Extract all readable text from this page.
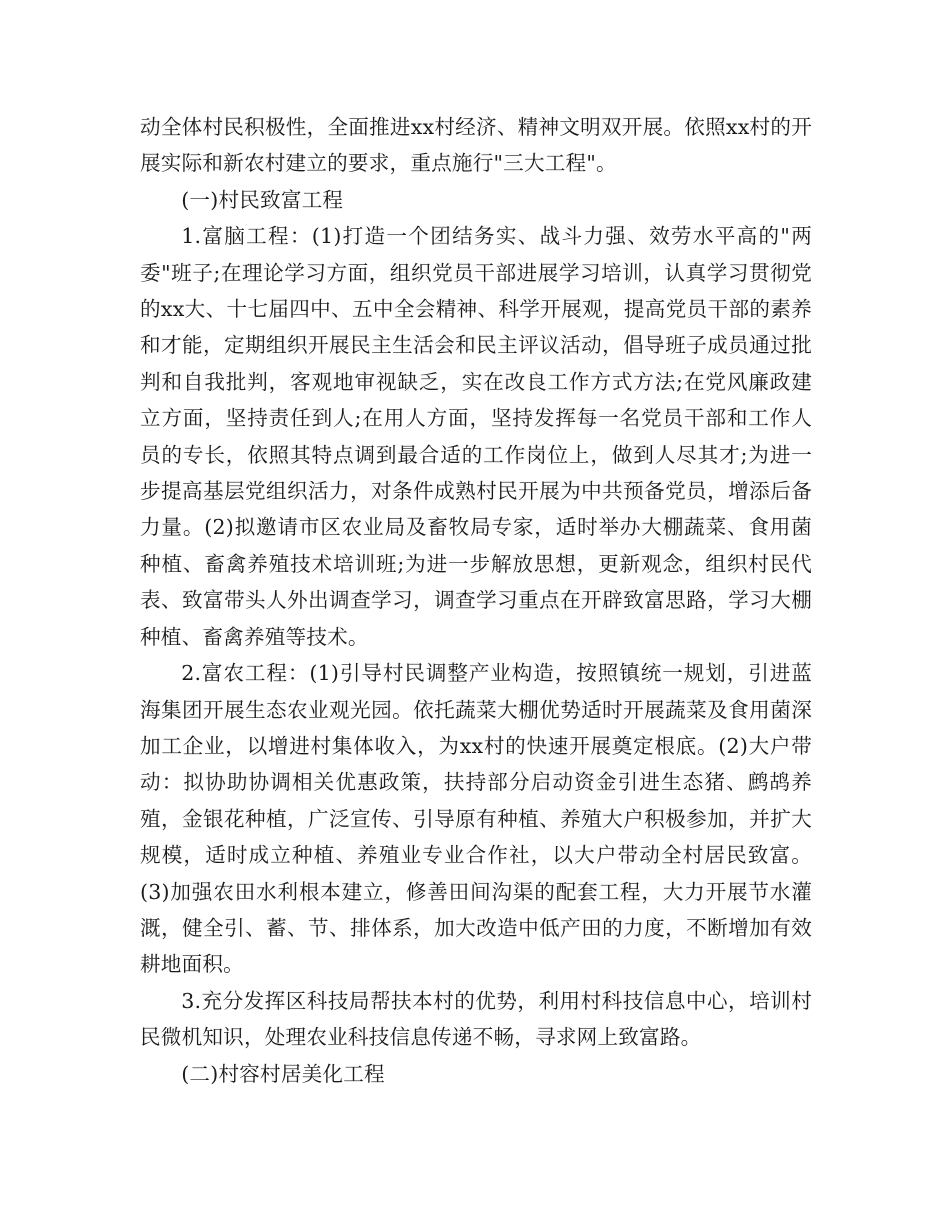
动全体村民积极性，全面推进xx村经济、精神文明双开展。依照xx村的开展实际和新农村建立的要求，重点施行"三大工程"。

(一)村民致富工程

1.富脑工程：(1)打造一个团结务实、战斗力强、效劳水平高的"两委"班子;在理论学习方面，组织党员干部进展学习培训，认真学习贯彻党的xx大、十七届四中、五中全会精神、科学开展观，提高党员干部的素养和才能，定期组织开展民主生活会和民主评议活动，倡导班子成员通过批判和自我批判，客观地审视缺乏，实在改良工作方式方法;在党风廉政建立方面，坚持责任到人;在用人方面，坚持发挥每一名党员干部和工作人员的专长，依照其特点调到最合适的工作岗位上，做到人尽其才;为进一步提高基层党组织活力，对条件成熟村民开展为中共预备党员，增添后备力量。(2)拟邀请市区农业局及畜牧局专家，适时举办大棚蔬菜、食用菌种植、畜禽养殖技术培训班;为进一步解放思想，更新观念，组织村民代表、致富带头人外出调查学习，调查学习重点在开辟致富思路，学习大棚种植、畜禽养殖等技术。

2.富农工程：(1)引导村民调整产业构造，按照镇统一规划，引进蓝海集团开展生态农业观光园。依托蔬菜大棚优势适时开展蔬菜及食用菌深加工企业，以增进村集体收入，为xx村的快速开展奠定根底。(2)大户带动：拟协助协调相关优惠政策，扶持部分启动资金引进生态猪、鹧鸪养殖，金银花种植，广泛宣传、引导原有种植、养殖大户积极参加，并扩大规模，适时成立种植、养殖业专业合作社，以大户带动全村居民致富。(3)加强农田水利根本建立，修善田间沟渠的配套工程，大力开展节水灌溉，健全引、蓄、节、排体系，加大改造中低产田的力度，不断增加有效耕地面积。

3.充分发挥区科技局帮扶本村的优势，利用村科技信息中心，培训村民微机知识，处理农业科技信息传递不畅，寻求网上致富路。

(二)村容村居美化工程
